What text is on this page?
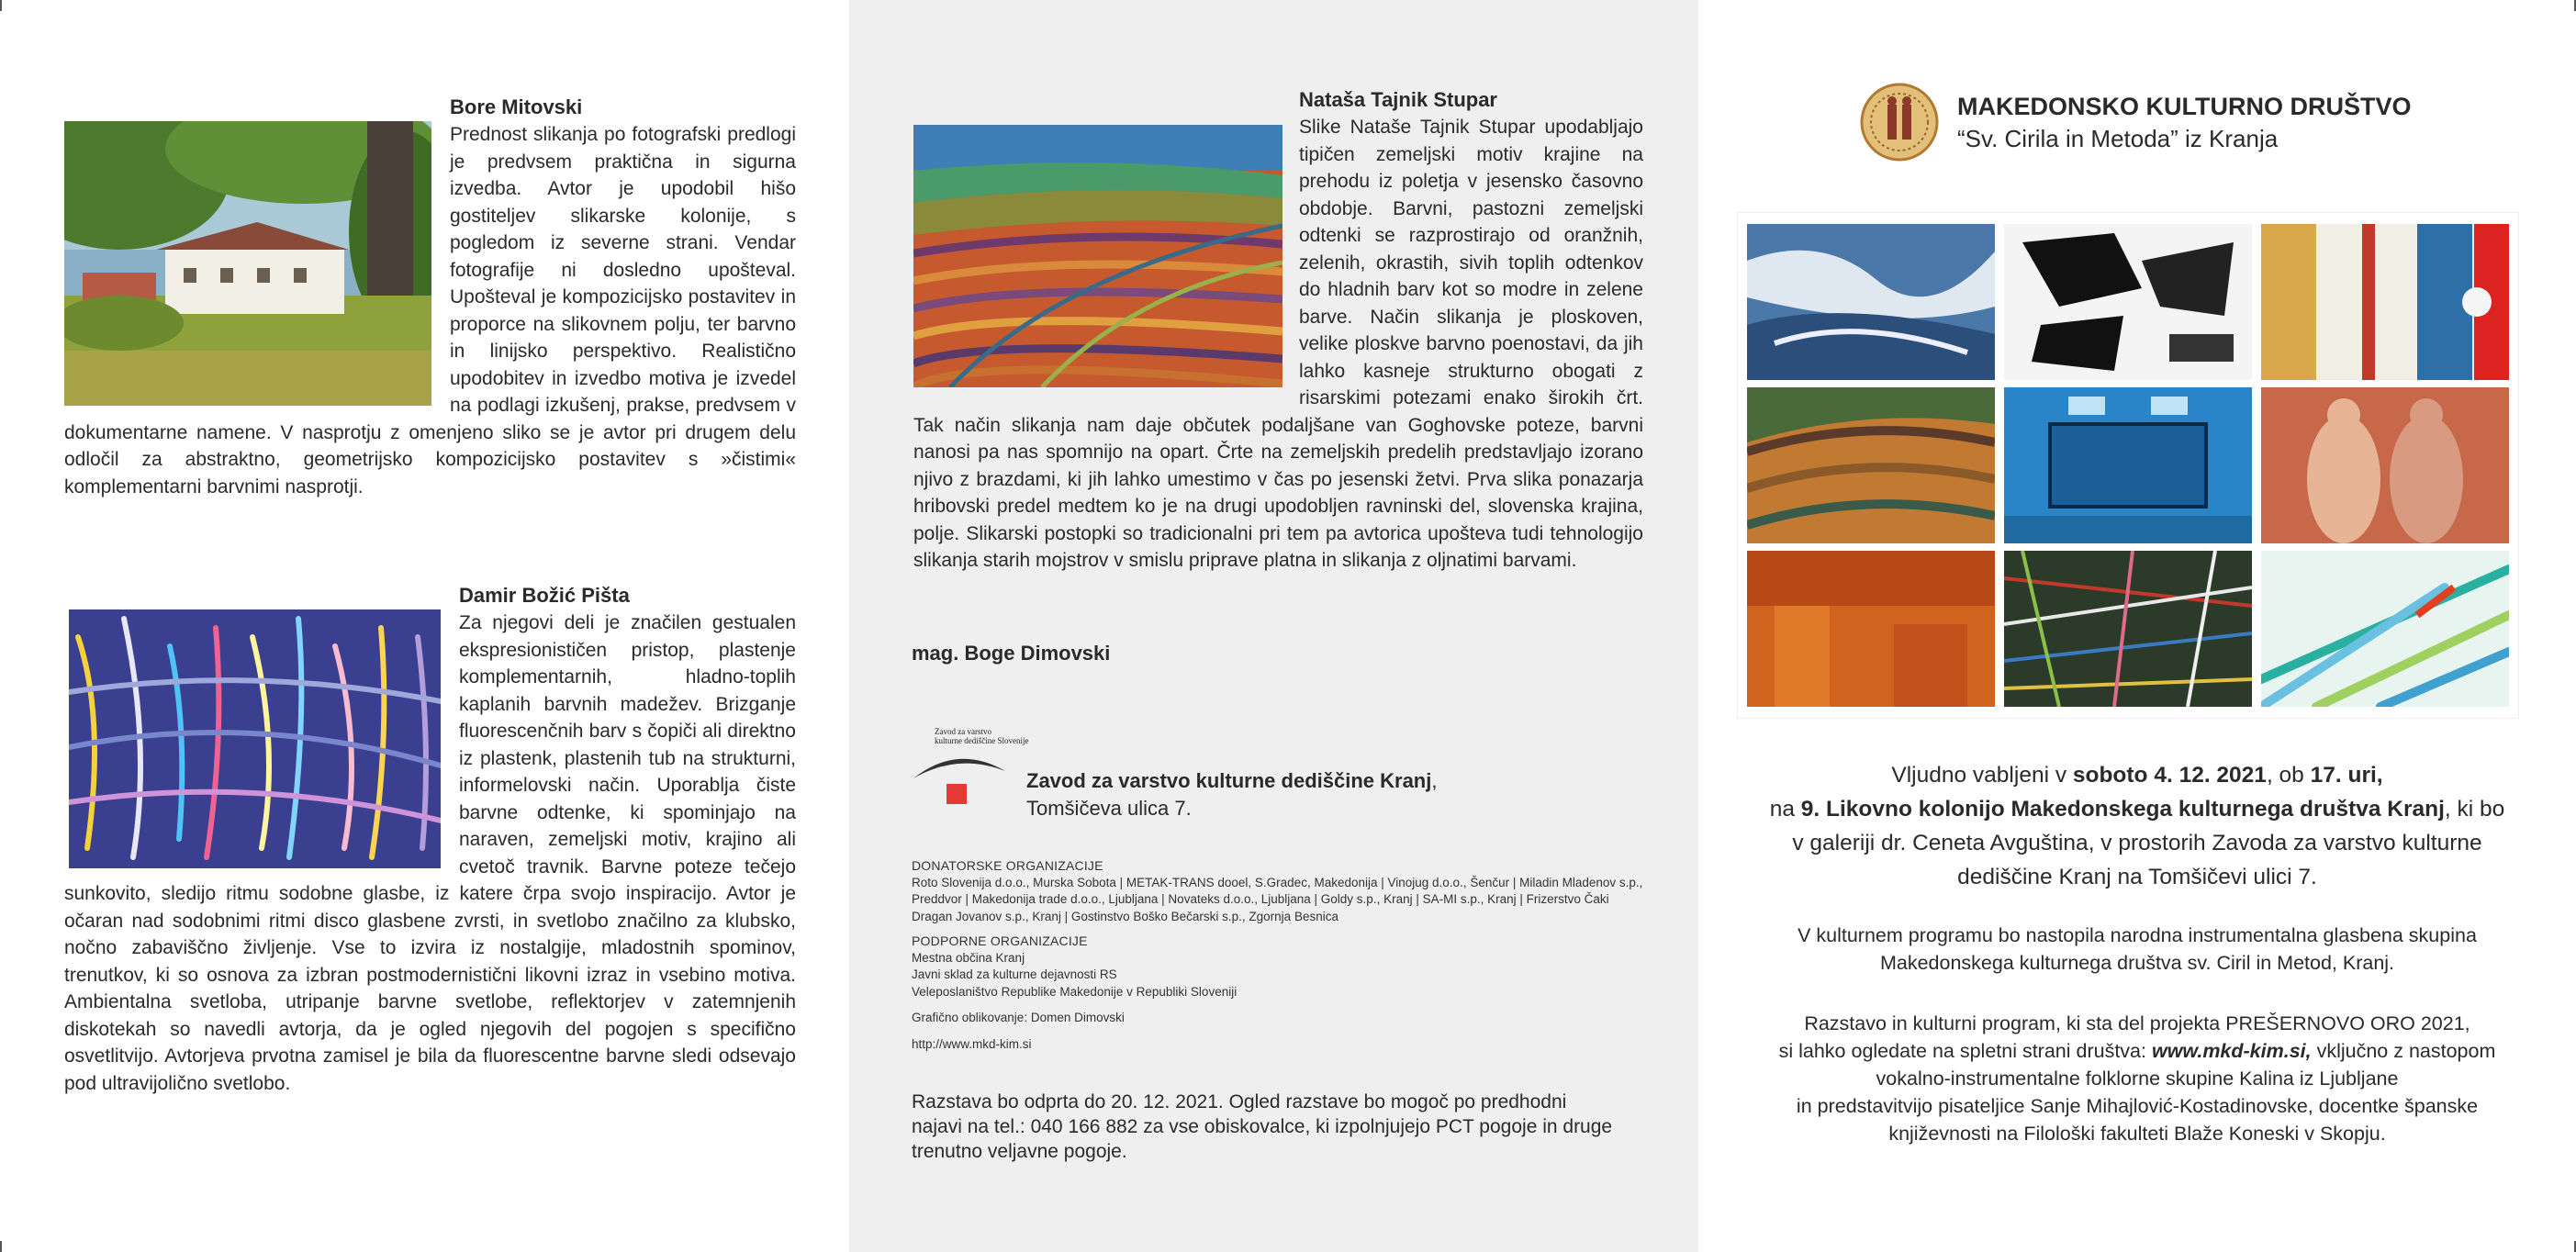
Bore Mitovski
Prednost slikanja po fotografski predlogi je predvsem praktična in sigurna izvedba. Avtor je upodobil hišo gostiteljev slikarske kolonije, s pogledom iz severne strani. Vendar fotografije ni dosledno upošteval. Upošteval je kompozicijsko postavitev in proporce na slikovnem polju, ter barvno in linijsko perspektivo. Realistično upodobitev in izvedbo motiva je izvedel na podlagi izkušenj, prakse, predvsem v dokumentarne namene. V nasprotju z omenjeno sliko se je avtor pri drugem delu odločil za abstraktno, geometrijsko kompozicijsko postavitev s »čistimi« komplementarni barvnimi nasprotji.
Damir Božić Pišta
Za njegovi deli je značilen gestualen ekspresionističen pristop, plastenje komplementarnih, hladno-toplih kaplanih barvnih madežev. Brizganje fluorescenčnih barv s čopiči ali direktno iz plastenk, plastenih tub na strukturni, informelovski način. Uporablja čiste barvne odtenke, ki spominjajo na naraven, zemeljski motiv, krajino ali cvetoč travnik. Barvne poteze tečejo sunkovito, sledijo ritmu sodobne glasbe, iz katere črpa svojo inspiracijo. Avtor je očaran nad sodobnimi ritmi disco glasbene zvrsti, in svetlobo značilno za klubsko, nočno zabaviščno življenje. Vse to izvira iz nostalgije, mladostnih spominov, trenutkov, ki so osnova za izbran postmodernistični likovni izraz in vsebino motiva. Ambientalna svetloba, utripanje barvne svetlobe, reflektorjev v zatemnjenih diskotekah so navedli avtorja, da je ogled njegovih del pogojen s specifično osvetlitvijo. Avtorjeva prvotna zamisel je bila da fluorescentne barvne sledi odsevajo pod ultravijolično svetlobo.
Nataša Tajnik Stupar
Slike Nataše Tajnik Stupar upodabljajo tipičen zemeljski motiv krajine na prehodu iz poletja v jesensko časovno obdobje. Barvni, pastozni zemeljski odtenki se razprostirajo od oranžnih, zelenih, okrastih, sivih toplih odtenkov do hladnih barv kot so modre in zelene barve. Način slikanja je ploskoven, velike ploskve barvno poenostavi, da jih lahko kasneje strukturno obogati z risarskimi potezami enako širokih črt. Tak način slikanja nam daje občutek podaljšane van Goghovske poteze, barvni nanosi pa nas spomnijo na opart. Črte na zemeljskih predelih predstavljajo izorano njivo z brazdami, ki jih lahko umestimo v čas po jesenski žetvi. Prva slika ponazarja hribovski predel medtem ko je na drugi upodobljen ravninski del, slovenska krajina, polje. Slikarski postopki so tradicionalni pri tem pa avtorica upošteva tudi tehnologijo slikanja starih mojstrov v smislu priprave platna in slikanja z oljnatimi barvami.
mag. Boge Dimovski
Zavod za varstvo
kulturne dediščine Slovenije
Zavod za varstvo kulturne dediščine Kranj,
Tomšičeva ulica 7.
DONATORSKE ORGANIZACIJE
Roto Slovenija d.o.o., Murska Sobota | METAK-TRANS dooel, S.Gradec, Makedonija | Vinojug d.o.o., Šenčur | Miladin Mladenov s.p., Preddvor | Makedonija trade d.o.o., Ljubljana | Novateks d.o.o., Ljubljana | Goldy s.p., Kranj | SA-MI s.p., Kranj | Frizerstvo Čaki Dragan Jovanov s.p., Kranj | Gostinstvo Boško Bečarski s.p., Zgornja Besnica
PODPORNE ORGANIZACIJE
Mestna občina Kranj
Javni sklad za kulturne dejavnosti RS
Veleposlaništvo Republike Makedonije v Republiki Sloveniji
Grafično oblikovanje: Domen Dimovski
http://www.mkd-kim.si
Razstava bo odprta do 20. 12. 2021. Ogled razstave bo mogoč po predhodni
najavi na tel.: 040 166 882 za vse obiskovalce, ki izpolnjujejo PCT pogoje in druge
trenutno veljavne pogoje.
MAKEDONSKO KULTURNO DRUŠTVO
“Sv. Cirila in Metoda” iz Kranja
Vljudno vabljeni v soboto 4. 12. 2021, ob 17. uri,
na 9. Likovno kolonijo Makedonskega kulturnega društva Kranj, ki bo
v galeriji dr. Ceneta Avguština, v prostorih Zavoda za varstvo kulturne
dediščine Kranj na Tomšičevi ulici 7.
V kulturnem programu bo nastopila narodna instrumentalna glasbena skupina
Makedonskega kulturnega društva sv. Ciril in Metod, Kranj.
Razstavo in kulturni program, ki sta del projekta PREŠERNOVO ORO 2021,
si lahko ogledate na spletni strani društva: www.mkd-kim.si, vključno z nastopom
vokalno-instrumentalne folklorne skupine Kalina iz Ljubljane
in predstavitvijo pisateljice Sanje Mihajlović-Kostadinovske, docentke španske
književnosti na Filološki fakulteti Blaže Koneski v Skopju.
